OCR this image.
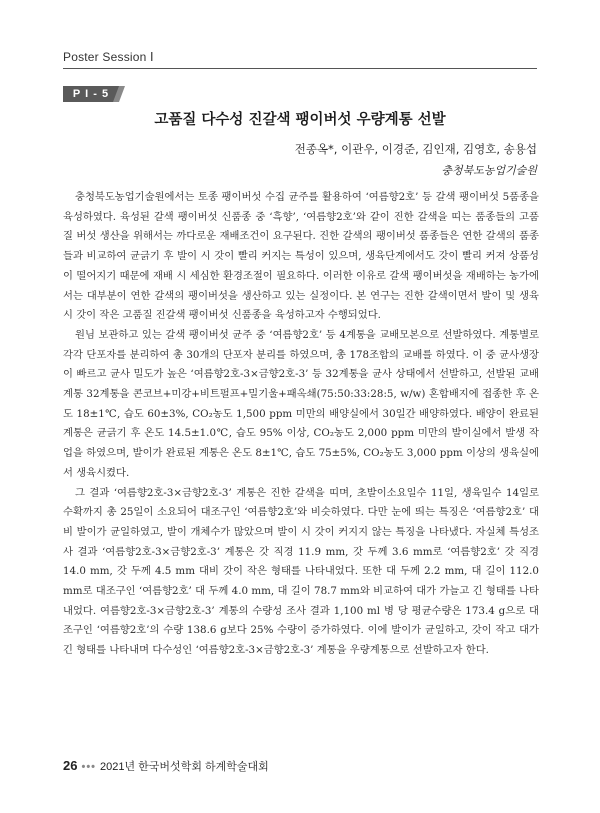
Poster Session Ⅰ
P I - 5
고품질 다수성 진갈색 팽이버섯 우량계통 선발
전종옥*, 이관우, 이경준, 김인재, 김영호, 송용섭
충청북도농업기술원

충청북도농업기술원에서는 토종 팽이버섯 수집 균주를 활용하여 ‘여름향2호’ 등 갈색 팽이버섯 5품종을 육성하였다. 육성된 갈색 팽이버섯 신품종 중 ‘흑향’, ‘여름향2호’와 같이 진한 갈색을 띠는 품종들의 고품질 버섯 생산을 위해서는 까다로운 재배조건이 요구된다. 진한 갈색의 팽이버섯 품종들은 연한 갈색의 품종들과 비교하여 균긁기 후 발이 시 갓이 빨리 커지는 특성이 있으며, 생육단계에서도 갓이 빨리 커져 상품성이 떨어지기 때문에 재배 시 세심한 환경조절이 필요하다. 이러한 이유로 갈색 팽이버섯을 재배하는 농가에서는 대부분이 연한 갈색의 팽이버섯을 생산하고 있는 실정이다. 본 연구는 진한 갈색이면서 발이 및 생육 시 갓이 작은 고품질 진갈색 팽이버섯 신품종을 육성하고자 수행되었다.

원님 보관하고 있는 갈색 팽이버섯 균주 중 ‘여름향2호’ 등 4계통을 교배모본으로 선발하였다. 계통별로 각각 단포자를 분리하여 총 30개의 단포자 분리를 하였으며, 총 178조합의 교배를 하였다. 이 중 균사생장이 빠르고 균사 밀도가 높은 ‘여름향2호-3×금향2호-3’ 등 32계통을 균사 상태에서 선발하고, 선발된 교배계통 32계통을 콘코브+미강+비트펄프+밀기울+패옥쇄(75:50:33:28:5, w/w) 혼합배지에 접종한 후 온도 18±1℃, 습도 60±3%, CO₂농도 1,500 ppm 미만의 배양실에서 30일간 배양하였다. 배양이 완료된 계통은 균긁기 후 온도 14.5±1.0℃, 습도 95% 이상, CO₂농도 2,000 ppm 미만의 발이실에서 발생 작업을 하였으며, 발이가 완료된 계통은 온도 8±1℃, 습도 75±5%, CO₂농도 3,000 ppm 이상의 생육실에서 생육시켰다.

그 결과 ‘여름향2호-3×금향2호-3’ 계통은 진한 갈색을 띠며, 초발이소요일수 11일, 생육일수 14일로 수확까지 총 25일이 소요되어 대조구인 ‘여름향2호’와 비슷하였다. 다만 눈에 띄는 특징은 ‘여름향2호’ 대비 발이가 균일하였고, 발이 개체수가 많았으며 발이 시 갓이 커지지 않는 특징을 나타냈다. 자실체 특성조사 결과 ‘여름향2호-3×금향2호-3’ 계통은 갓 직경 11.9 mm, 갓 두께 3.6 mm로 ‘여름향2호’ 갓 직경 14.0 mm, 갓 두께 4.5 mm 대비 갓이 작은 형태를 나타내었다. 또한 대 두께 2.2 mm, 대 길이 112.0 mm로 대조구인 ‘여름향2호’ 대 두께 4.0 mm, 대 길이 78.7 mm와 비교하여 대가 가늘고 긴 형태를 나타내었다. 여름향2호-3×금향2호-3’ 계통의 수량성 조사 결과 1,100 ml 병 당 평균수량은 173.4 g으로 대조구인 ‘여름향2호’의 수량 138.6 g보다 25% 수량이 증가하였다. 이에 발이가 균일하고, 갓이 작고 대가 긴 형태를 나타내며 다수성인 ‘여름향2호-3×금향2호-3’ 계통을 우량계통으로 선발하고자 한다.

26 ••• 2021년 한국버섯학회 하계학술대회
